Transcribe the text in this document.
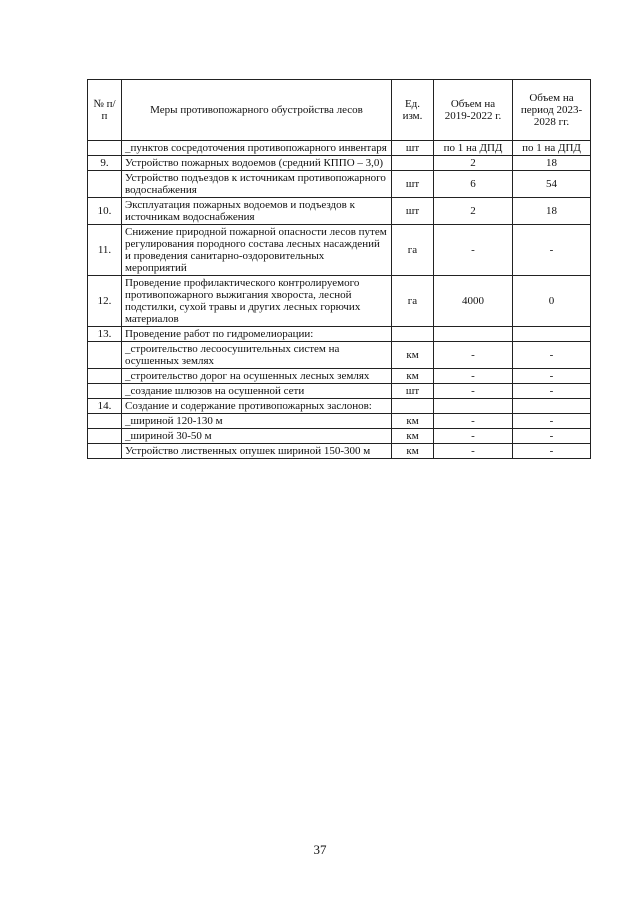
№ п/п	Меры противопожарного обустройства лесов	Ед. изм.	Объем на 2019-2022 г.	Объем на период 2023-2028 гг.
	_пунктов сосредоточения противопожарного инвентаря	шт	по 1 на ДПД	по 1 на ДПД
9.	Устройство пожарных водоемов (средний КППО – 3,0)		2	18
	Устройство подъездов к источникам противопожарного водоснабжения	шт	6	54
10.	Эксплуатация пожарных водоемов и подъездов к источникам водоснабжения	шт	2	18
11.	Снижение природной пожарной опасности лесов путем регулирования породного состава лесных насаждений и проведения санитарно-оздоровительных мероприятий	га	-	-
12.	Проведение профилактического контролируемого противопожарного выжигания хвороста, лесной подстилки, сухой травы и других лесных горючих материалов	га	4000	0
13.	Проведение работ по гидромелиорации:			
	_строительство лесоосушительных систем на осушенных землях	км	-	-
	_строительство дорог на осушенных лесных землях	км	-	-
	_создание шлюзов на осушенной сети	шт	-	-
14.	Создание и содержание противопожарных заслонов:			
	_шириной 120-130 м	км	-	-
	_шириной 30-50 м	км	-	-
	Устройство лиственных опушек шириной 150-300 м	км	-	-
37
